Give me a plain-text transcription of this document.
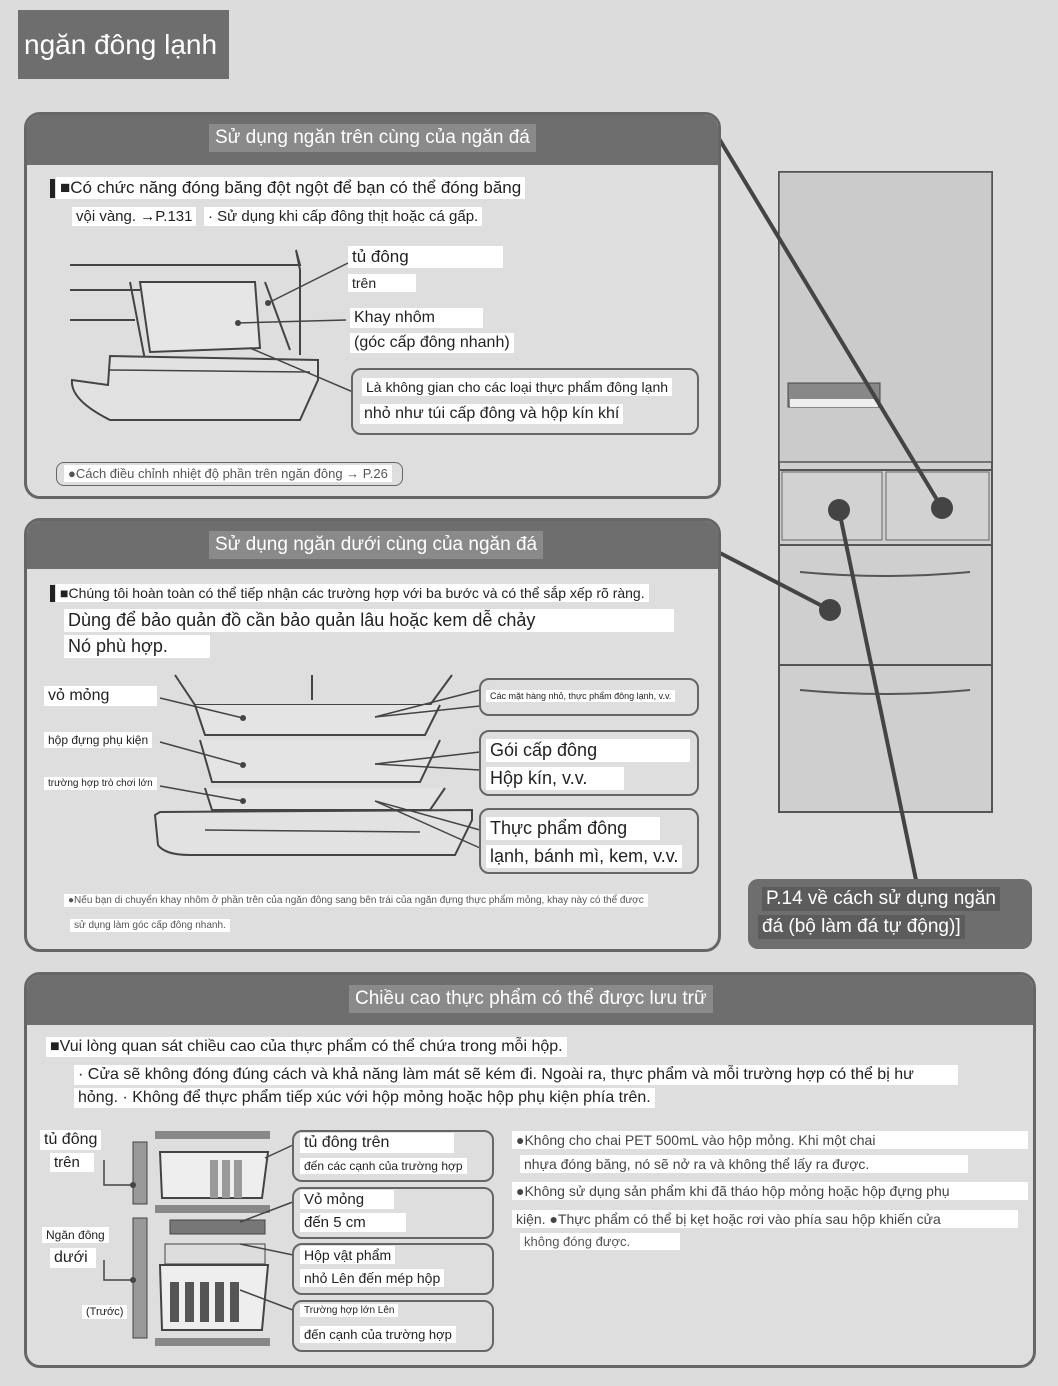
ngăn đông lạnh
Sử dụng ngăn trên cùng của ngăn đá
■Có chức năng đóng băng đột ngột để bạn có thể đóng băng
vội vàng. →P.131 · Sử dụng khi cấp đông thịt hoặc cá gấp.
tủ đông
trên
Khay nhôm
(góc cấp đông nhanh)
Là không gian cho các loại thực phẩm đông lạnh
nhỏ như túi cấp đông và hộp kín khí
●Cách điều chỉnh nhiệt độ phần trên ngăn đông → P.26
Sử dụng ngăn dưới cùng của ngăn đá
■Chúng tôi hoàn toàn có thể tiếp nhận các trường hợp với ba bước và có thể sắp xếp rõ ràng.
Dùng để bảo quản đồ cần bảo quản lâu hoặc kem dễ chảy
Nó phù hợp.
vỏ mỏng
hộp đựng phụ kiện
trường hợp trò chơi lớn
Các mặt hàng nhỏ, thực phẩm đông lạnh, v.v.
Gói cấp đông
Hộp kín, v.v.
Thực phẩm đông
lạnh, bánh mì, kem, v.v.
●Nếu bạn di chuyển khay nhôm ở phần trên của ngăn đông sang bên trái của ngăn đựng thực phẩm mỏng, khay này có thể được
sử dụng làm góc cấp đông nhanh.
P.14 về cách sử dụng ngăn
đá (bộ làm đá tự động)]
Chiều cao thực phẩm có thể được lưu trữ
■Vui lòng quan sát chiều cao của thực phẩm có thể chứa trong mỗi hộp.
· Cửa sẽ không đóng đúng cách và khả năng làm mát sẽ kém đi. Ngoài ra, thực phẩm và mỗi trường hợp có thể bị hư
hỏng. · Không để thực phẩm tiếp xúc với hộp mỏng hoặc hộp phụ kiện phía trên.
tủ đông
trên
Ngăn đông
dưới
(Trước)
tủ đông trên
đến các cạnh của trường hợp
Vỏ mỏng
đến 5 cm
Hộp vật phẩm
nhỏ Lên đến mép hộp
Trường hợp lớn Lên
đến cạnh của trường hợp
●Không cho chai PET 500mL vào hộp mỏng. Khi một chai
nhựa đóng băng, nó sẽ nở ra và không thể lấy ra được.
●Không sử dụng sản phẩm khi đã tháo hộp mỏng hoặc hộp đựng phụ
kiện. ●Thực phẩm có thể bị kẹt hoặc rơi vào phía sau hộp khiến cửa
không đóng được.
